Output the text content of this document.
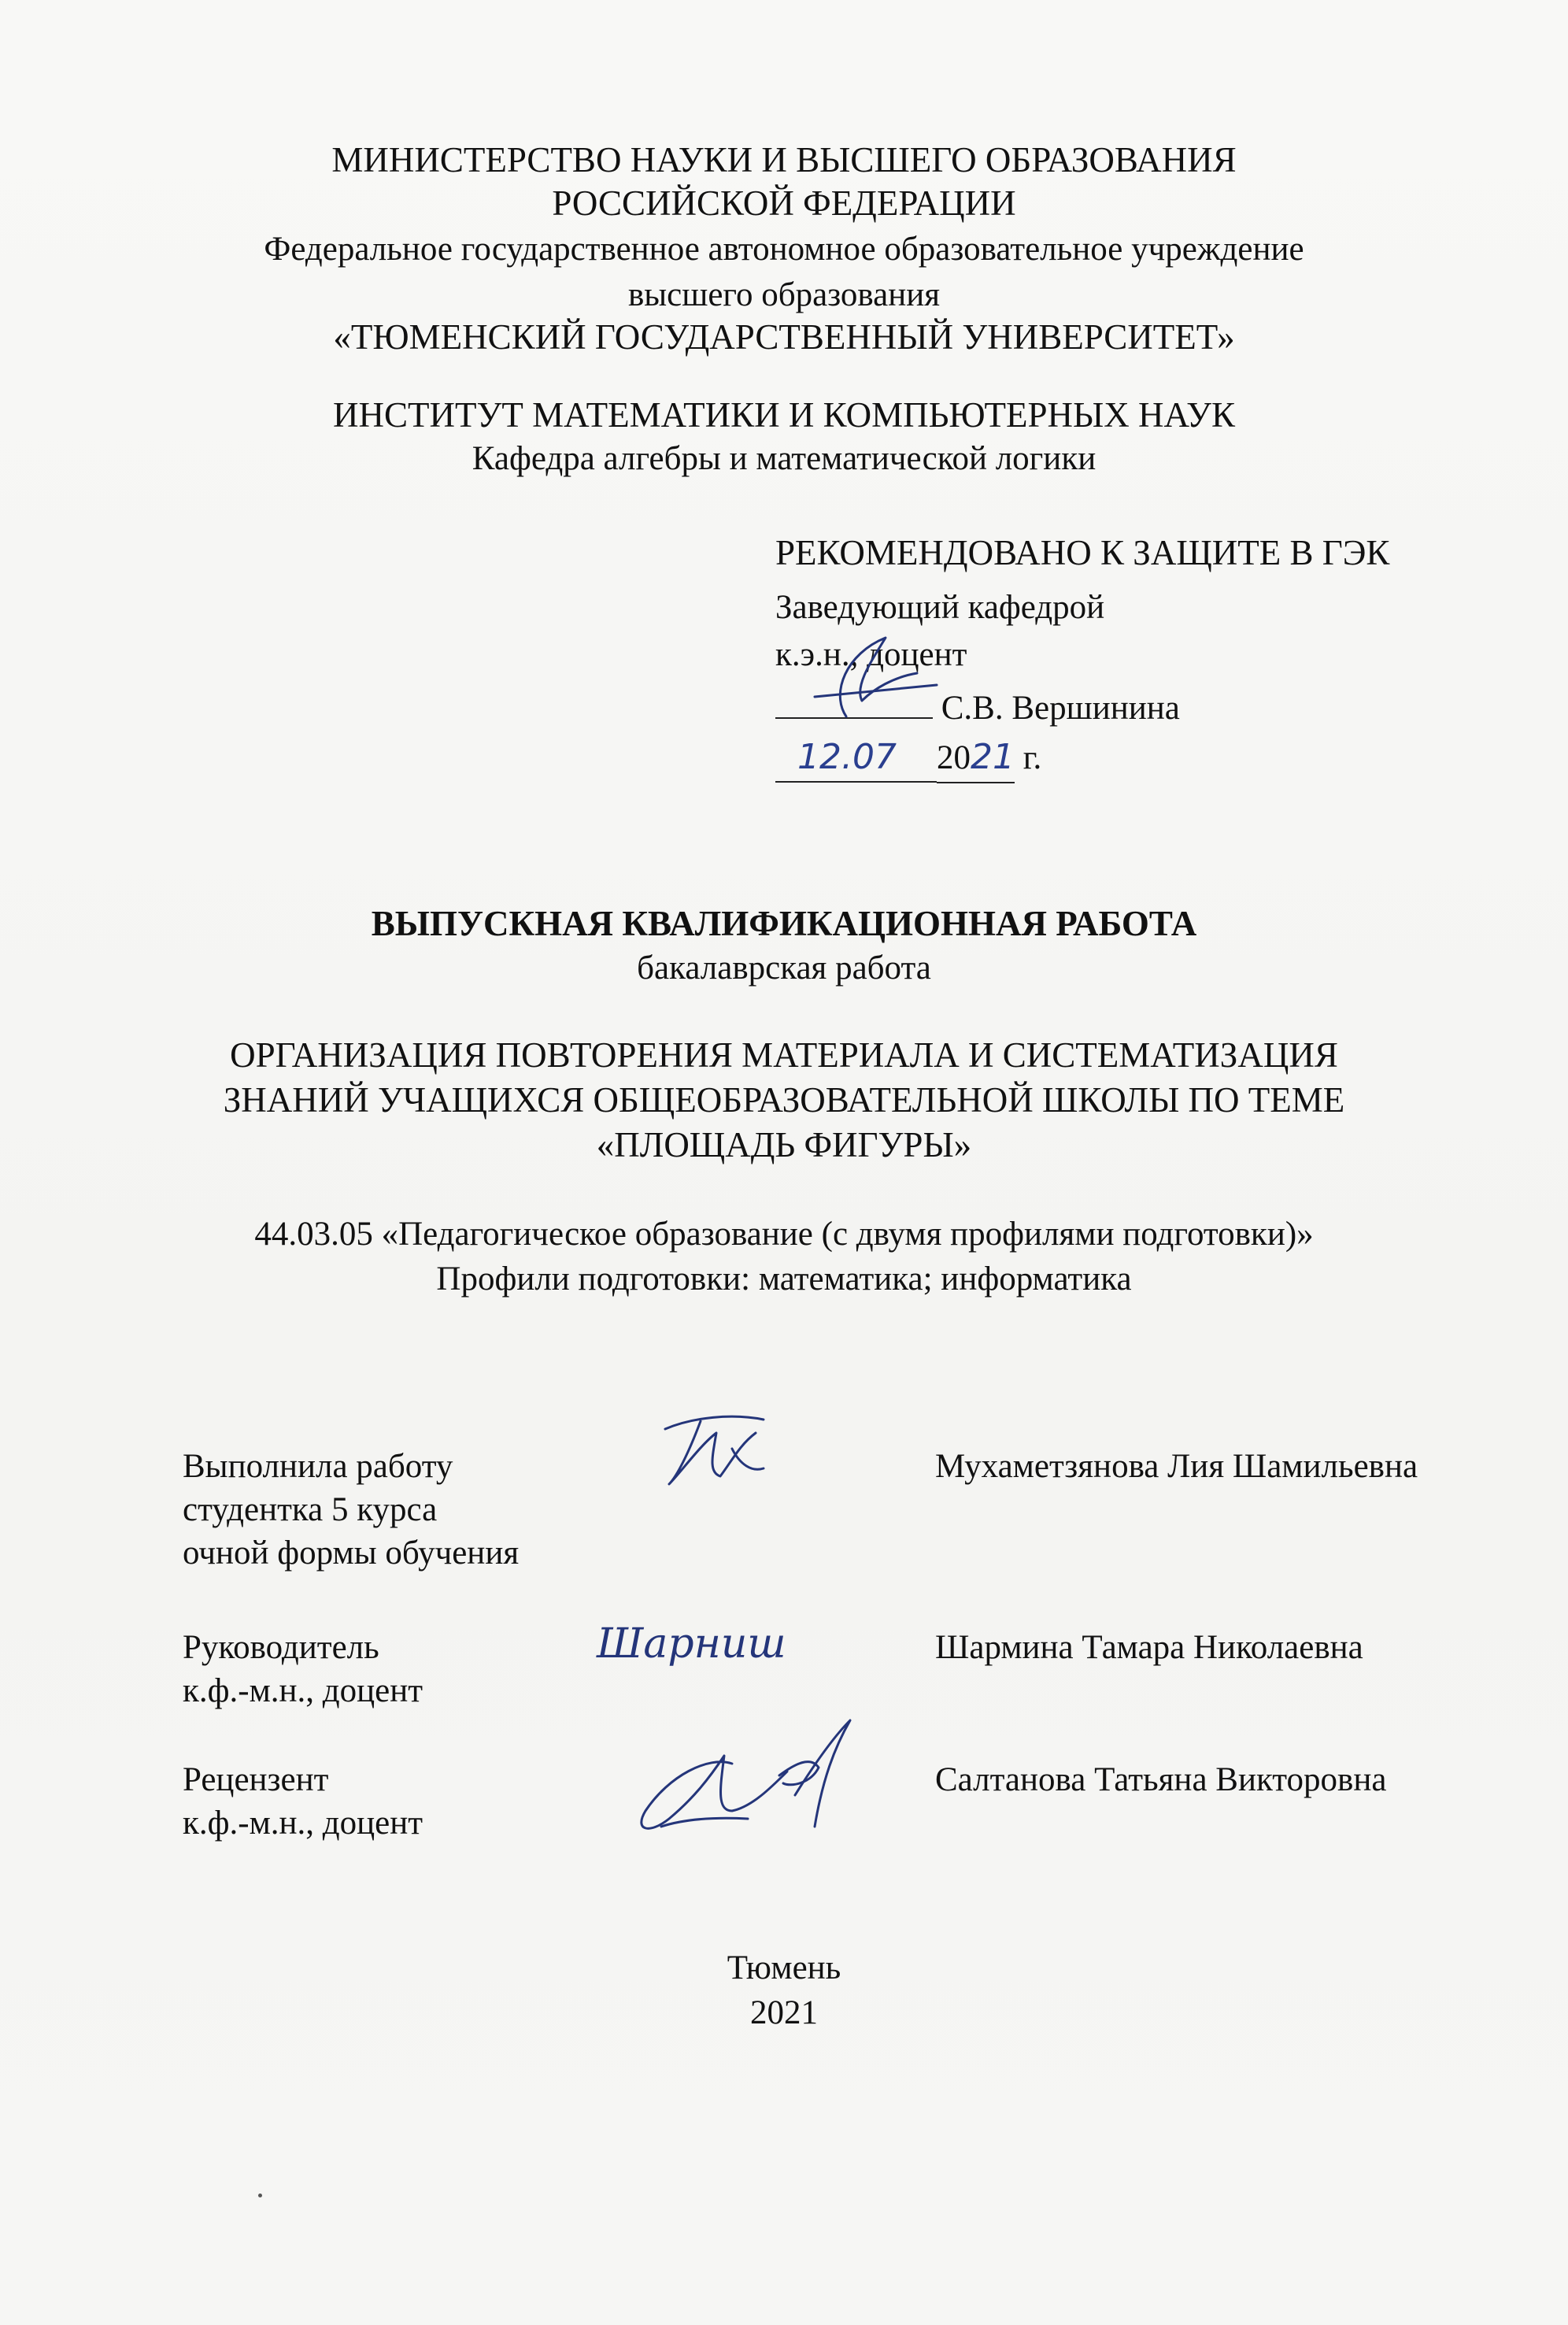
МИНИСТЕРСТВО НАУКИ И ВЫСШЕГО ОБРАЗОВАНИЯ
РОССИЙСКОЙ ФЕДЕРАЦИИ
Федеральное государственное автономное образовательное учреждение
высшего образования
«ТЮМЕНСКИЙ ГОСУДАРСТВЕННЫЙ УНИВЕРСИТЕТ»
ИНСТИТУТ МАТЕМАТИКИ И КОМПЬЮТЕРНЫХ НАУК
Кафедра алгебры и математической логики
РЕКОМЕНДОВАНО К ЗАЩИТЕ В ГЭК
Заведующий кафедрой
к.э.н., доцент
С.В. Вершинина
12.07 2021 г.
ВЫПУСКНАЯ КВАЛИФИКАЦИОННАЯ РАБОТА
бакалаврская работа
ОРГАНИЗАЦИЯ ПОВТОРЕНИЯ МАТЕРИАЛА И СИСТЕМАТИЗАЦИЯ
ЗНАНИЙ УЧАЩИХСЯ ОБЩЕОБРАЗОВАТЕЛЬНОЙ ШКОЛЫ ПО ТЕМЕ
«ПЛОЩАДЬ ФИГУРЫ»
44.03.05 «Педагогическое образование (с двумя профилями подготовки)»
Профили подготовки: математика; информатика
Выполнила работу
студентка 5 курса
очной формы обучения
Мухаметзянова Лия Шамильевна
Руководитель
к.ф.-м.н., доцент
Шармина Тамара Николаевна
Шарниш
Рецензент
к.ф.-м.н., доцент
Салтанова Татьяна Викторовна
Тюмень
2021
